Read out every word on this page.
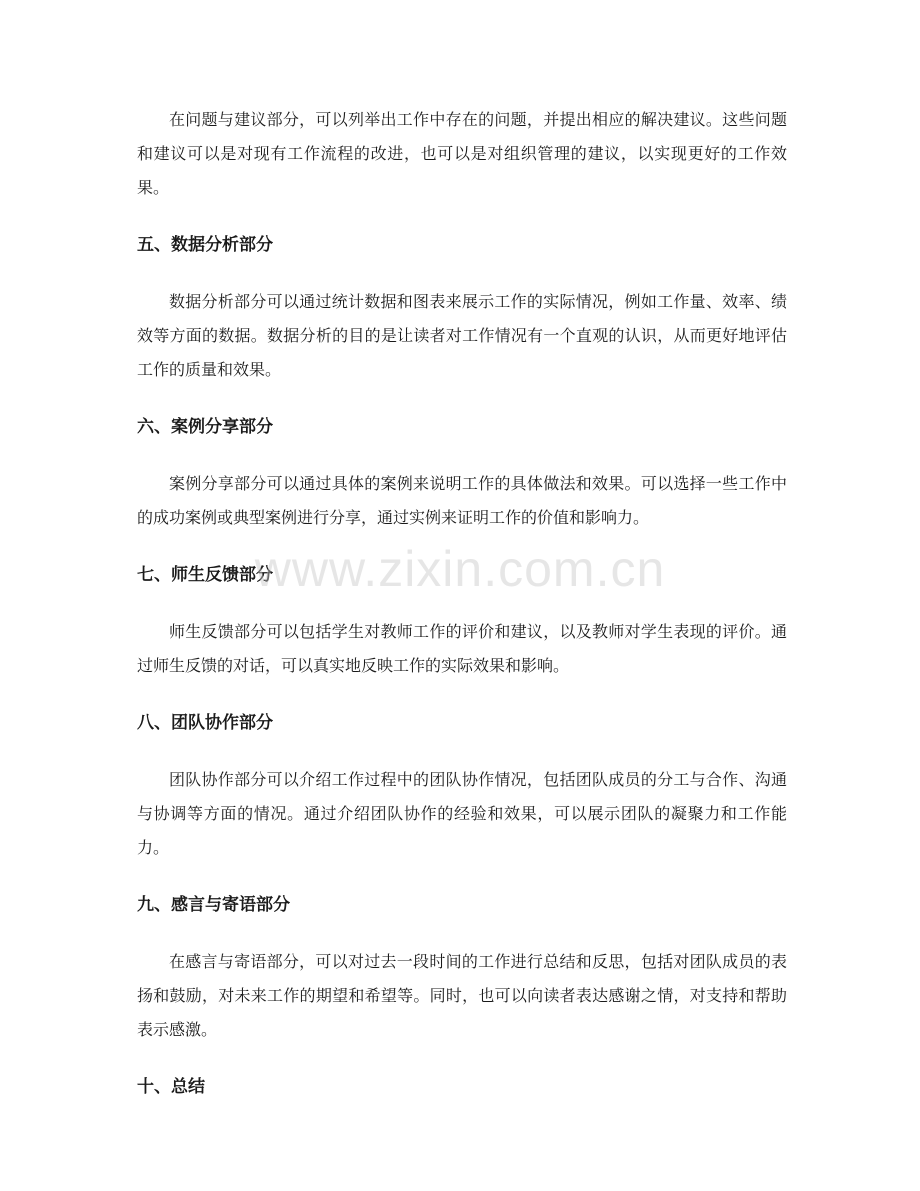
在问题与建议部分，可以列举出工作中存在的问题，并提出相应的解决建议。这些问题和建议可以是对现有工作流程的改进，也可以是对组织管理的建议，以实现更好的工作效果。

五、数据分析部分

数据分析部分可以通过统计数据和图表来展示工作的实际情况，例如工作量、效率、绩效等方面的数据。数据分析的目的是让读者对工作情况有一个直观的认识，从而更好地评估工作的质量和效果。

六、案例分享部分

案例分享部分可以通过具体的案例来说明工作的具体做法和效果。可以选择一些工作中的成功案例或典型案例进行分享，通过实例来证明工作的价值和影响力。

七、师生反馈部分

师生反馈部分可以包括学生对教师工作的评价和建议，以及教师对学生表现的评价。通过师生反馈的对话，可以真实地反映工作的实际效果和影响。

八、团队协作部分

团队协作部分可以介绍工作过程中的团队协作情况，包括团队成员的分工与合作、沟通与协调等方面的情况。通过介绍团队协作的经验和效果，可以展示团队的凝聚力和工作能力。

九、感言与寄语部分

在感言与寄语部分，可以对过去一段时间的工作进行总结和反思，包括对团队成员的表扬和鼓励，对未来工作的期望和希望等。同时，也可以向读者表达感谢之情，对支持和帮助表示感激。

十、总结
www.zixin.com.cn
